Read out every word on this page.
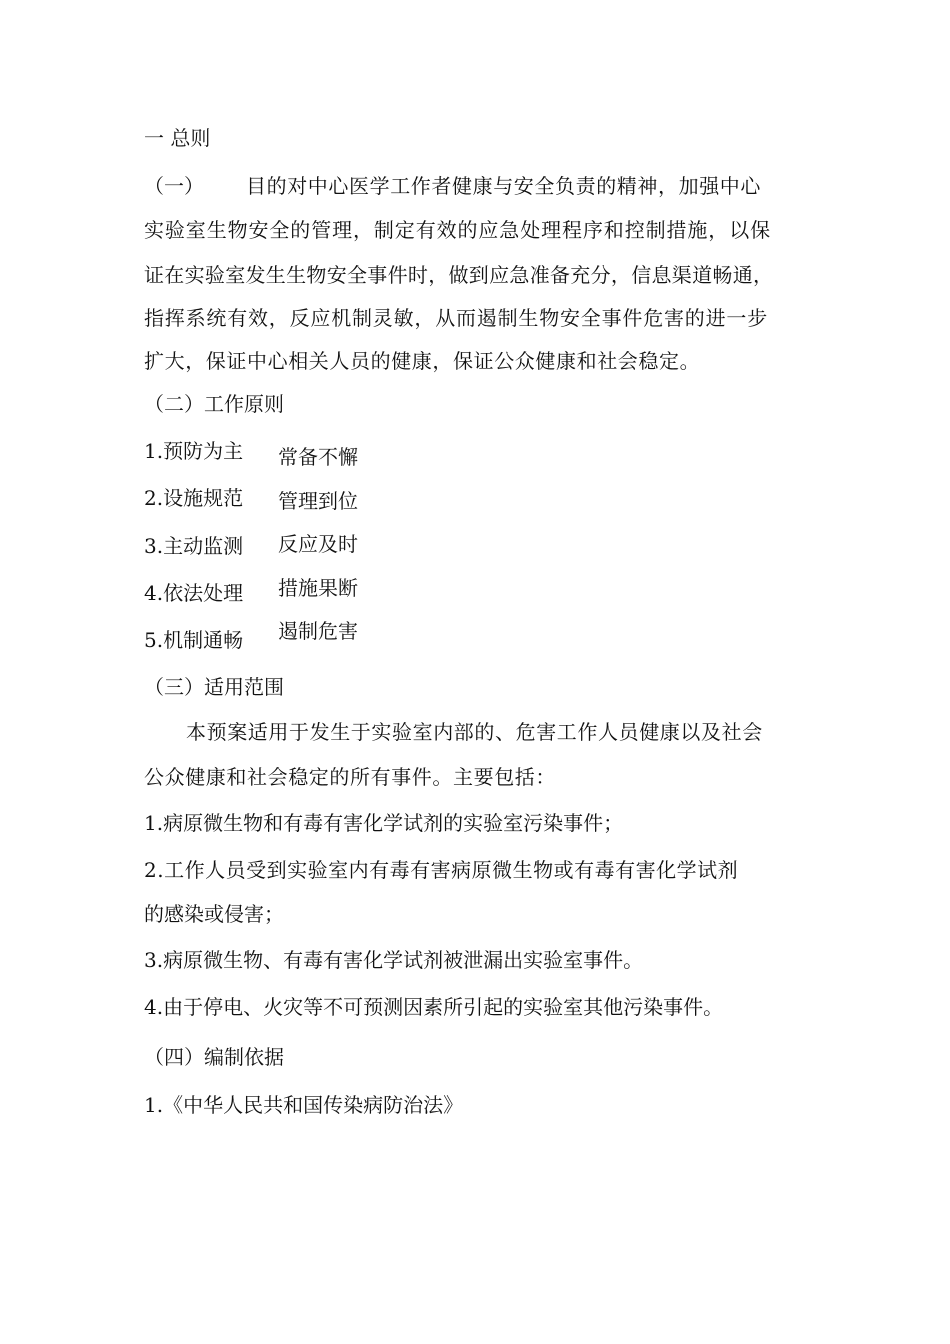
一 总则
（一） 目的对中心医学工作者健康与安全负责的精神，加强中心
实验室生物安全的管理，制定有效的应急处理程序和控制措施，以保
证在实验室发生生物安全事件时，做到应急准备充分，信息渠道畅通，
指挥系统有效，反应机制灵敏，从而遏制生物安全事件危害的进一步
扩大，保证中心相关人员的健康，保证公众健康和社会稳定。
（二）工作原则
1.预防为主 常备不懈
2.设施规范 管理到位
3.主动监测 反应及时
4.依法处理 措施果断
5.机制通畅 遏制危害
（三）适用范围
本预案适用于发生于实验室内部的、危害工作人员健康以及社会
公众健康和社会稳定的所有事件。主要包括：
1.病原微生物和有毒有害化学试剂的实验室污染事件；
2.工作人员受到实验室内有毒有害病原微生物或有毒有害化学试剂
的感染或侵害；
3.病原微生物、有毒有害化学试剂被泄漏出实验室事件。
4.由于停电、火灾等不可预测因素所引起的实验室其他污染事件。
（四）编制依据
1.《中华人民共和国传染病防治法》
